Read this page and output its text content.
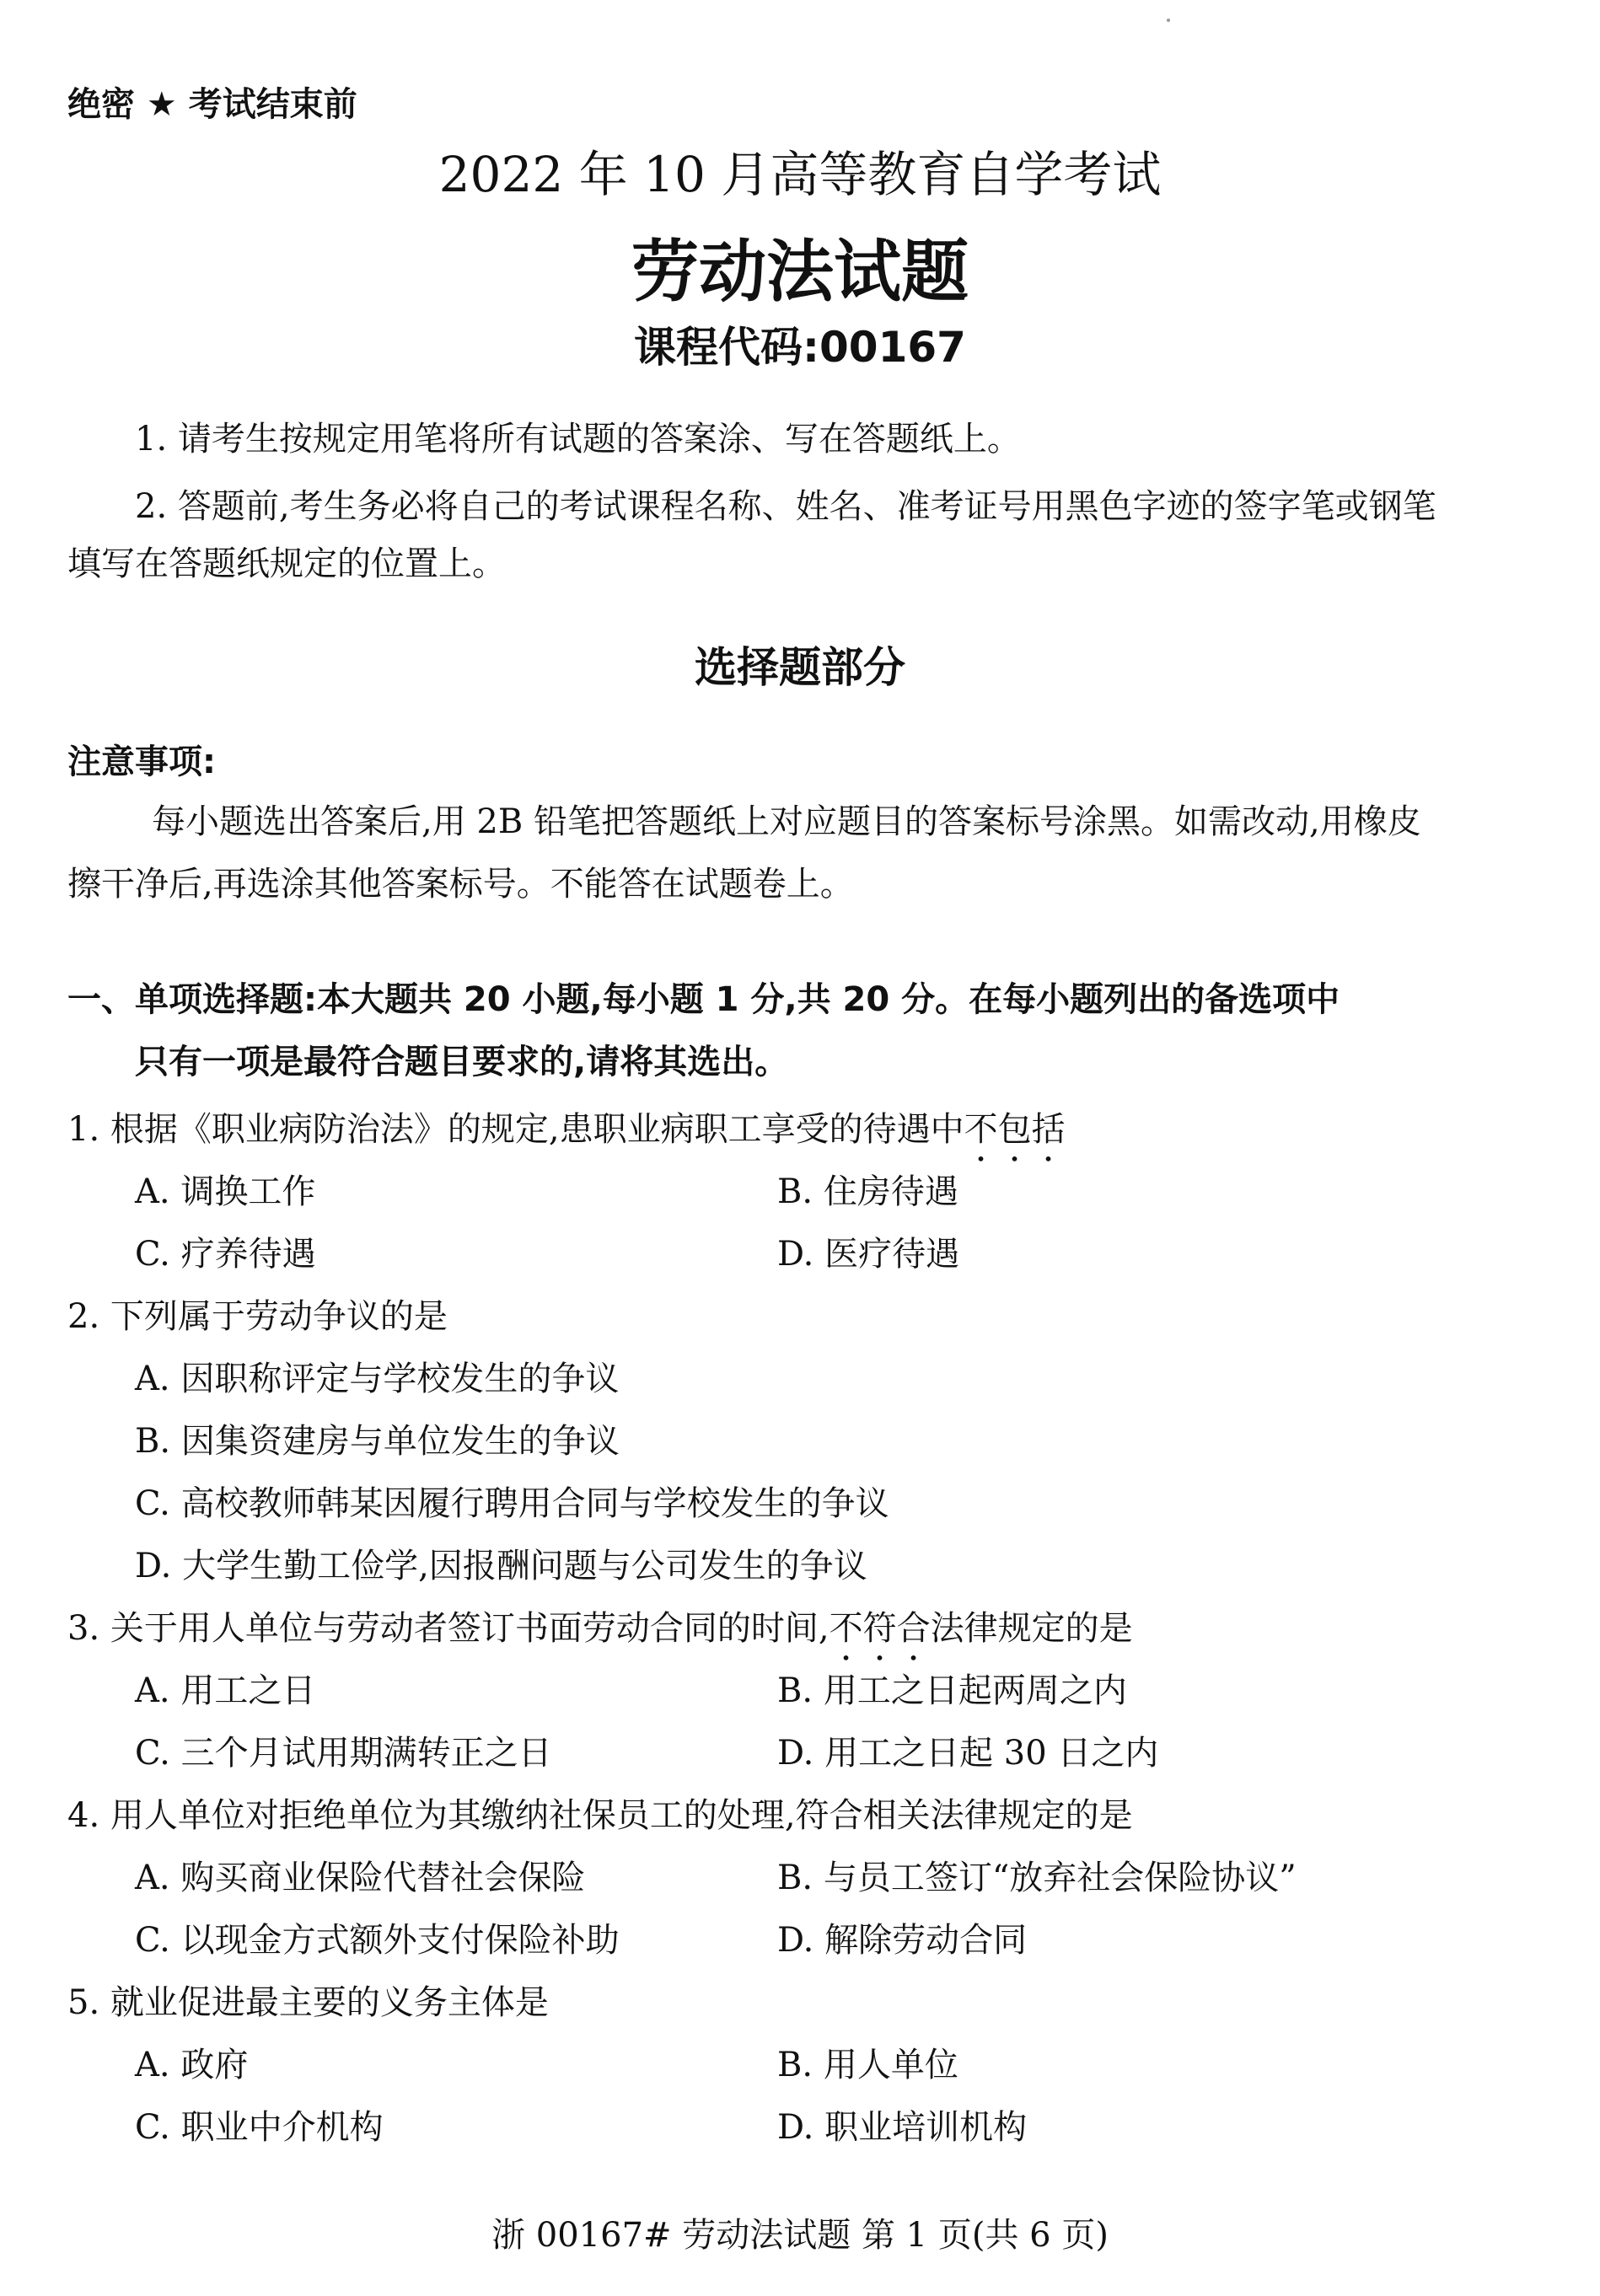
绝密 ★ 考试结束前
2022 年 10 月高等教育自学考试
劳动法试题
课程代码:00167
1. 请考生按规定用笔将所有试题的答案涂、写在答题纸上。
2. 答题前,考生务必将自己的考试课程名称、姓名、准考证号用黑色字迹的签字笔或钢笔
填写在答题纸规定的位置上。
选择题部分
注意事项:
每小题选出答案后,用 2B 铅笔把答题纸上对应题目的答案标号涂黑。如需改动,用橡皮
擦干净后,再选涂其他答案标号。不能答在试题卷上。
一、单项选择题:本大题共 20 小题,每小题 1 分,共 20 分。在每小题列出的备选项中
只有一项是最符合题目要求的,请将其选出。
1. 根据《职业病防治法》的规定,患职业病职工享受的待遇中不包括
A. 调换工作	B. 住房待遇
C. 疗养待遇	D. 医疗待遇
2. 下列属于劳动争议的是
A. 因职称评定与学校发生的争议
B. 因集资建房与单位发生的争议
C. 高校教师韩某因履行聘用合同与学校发生的争议
D. 大学生勤工俭学,因报酬问题与公司发生的争议
3. 关于用人单位与劳动者签订书面劳动合同的时间,不符合法律规定的是
A. 用工之日	B. 用工之日起两周之内
C. 三个月试用期满转正之日	D. 用工之日起 30 日之内
4. 用人单位对拒绝单位为其缴纳社保员工的处理,符合相关法律规定的是
A. 购买商业保险代替社会保险	B. 与员工签订“放弃社会保险协议”
C. 以现金方式额外支付保险补助	D. 解除劳动合同
5. 就业促进最主要的义务主体是
A. 政府	B. 用人单位
C. 职业中介机构	D. 职业培训机构
浙 00167# 劳动法试题 第 1 页(共 6 页)
